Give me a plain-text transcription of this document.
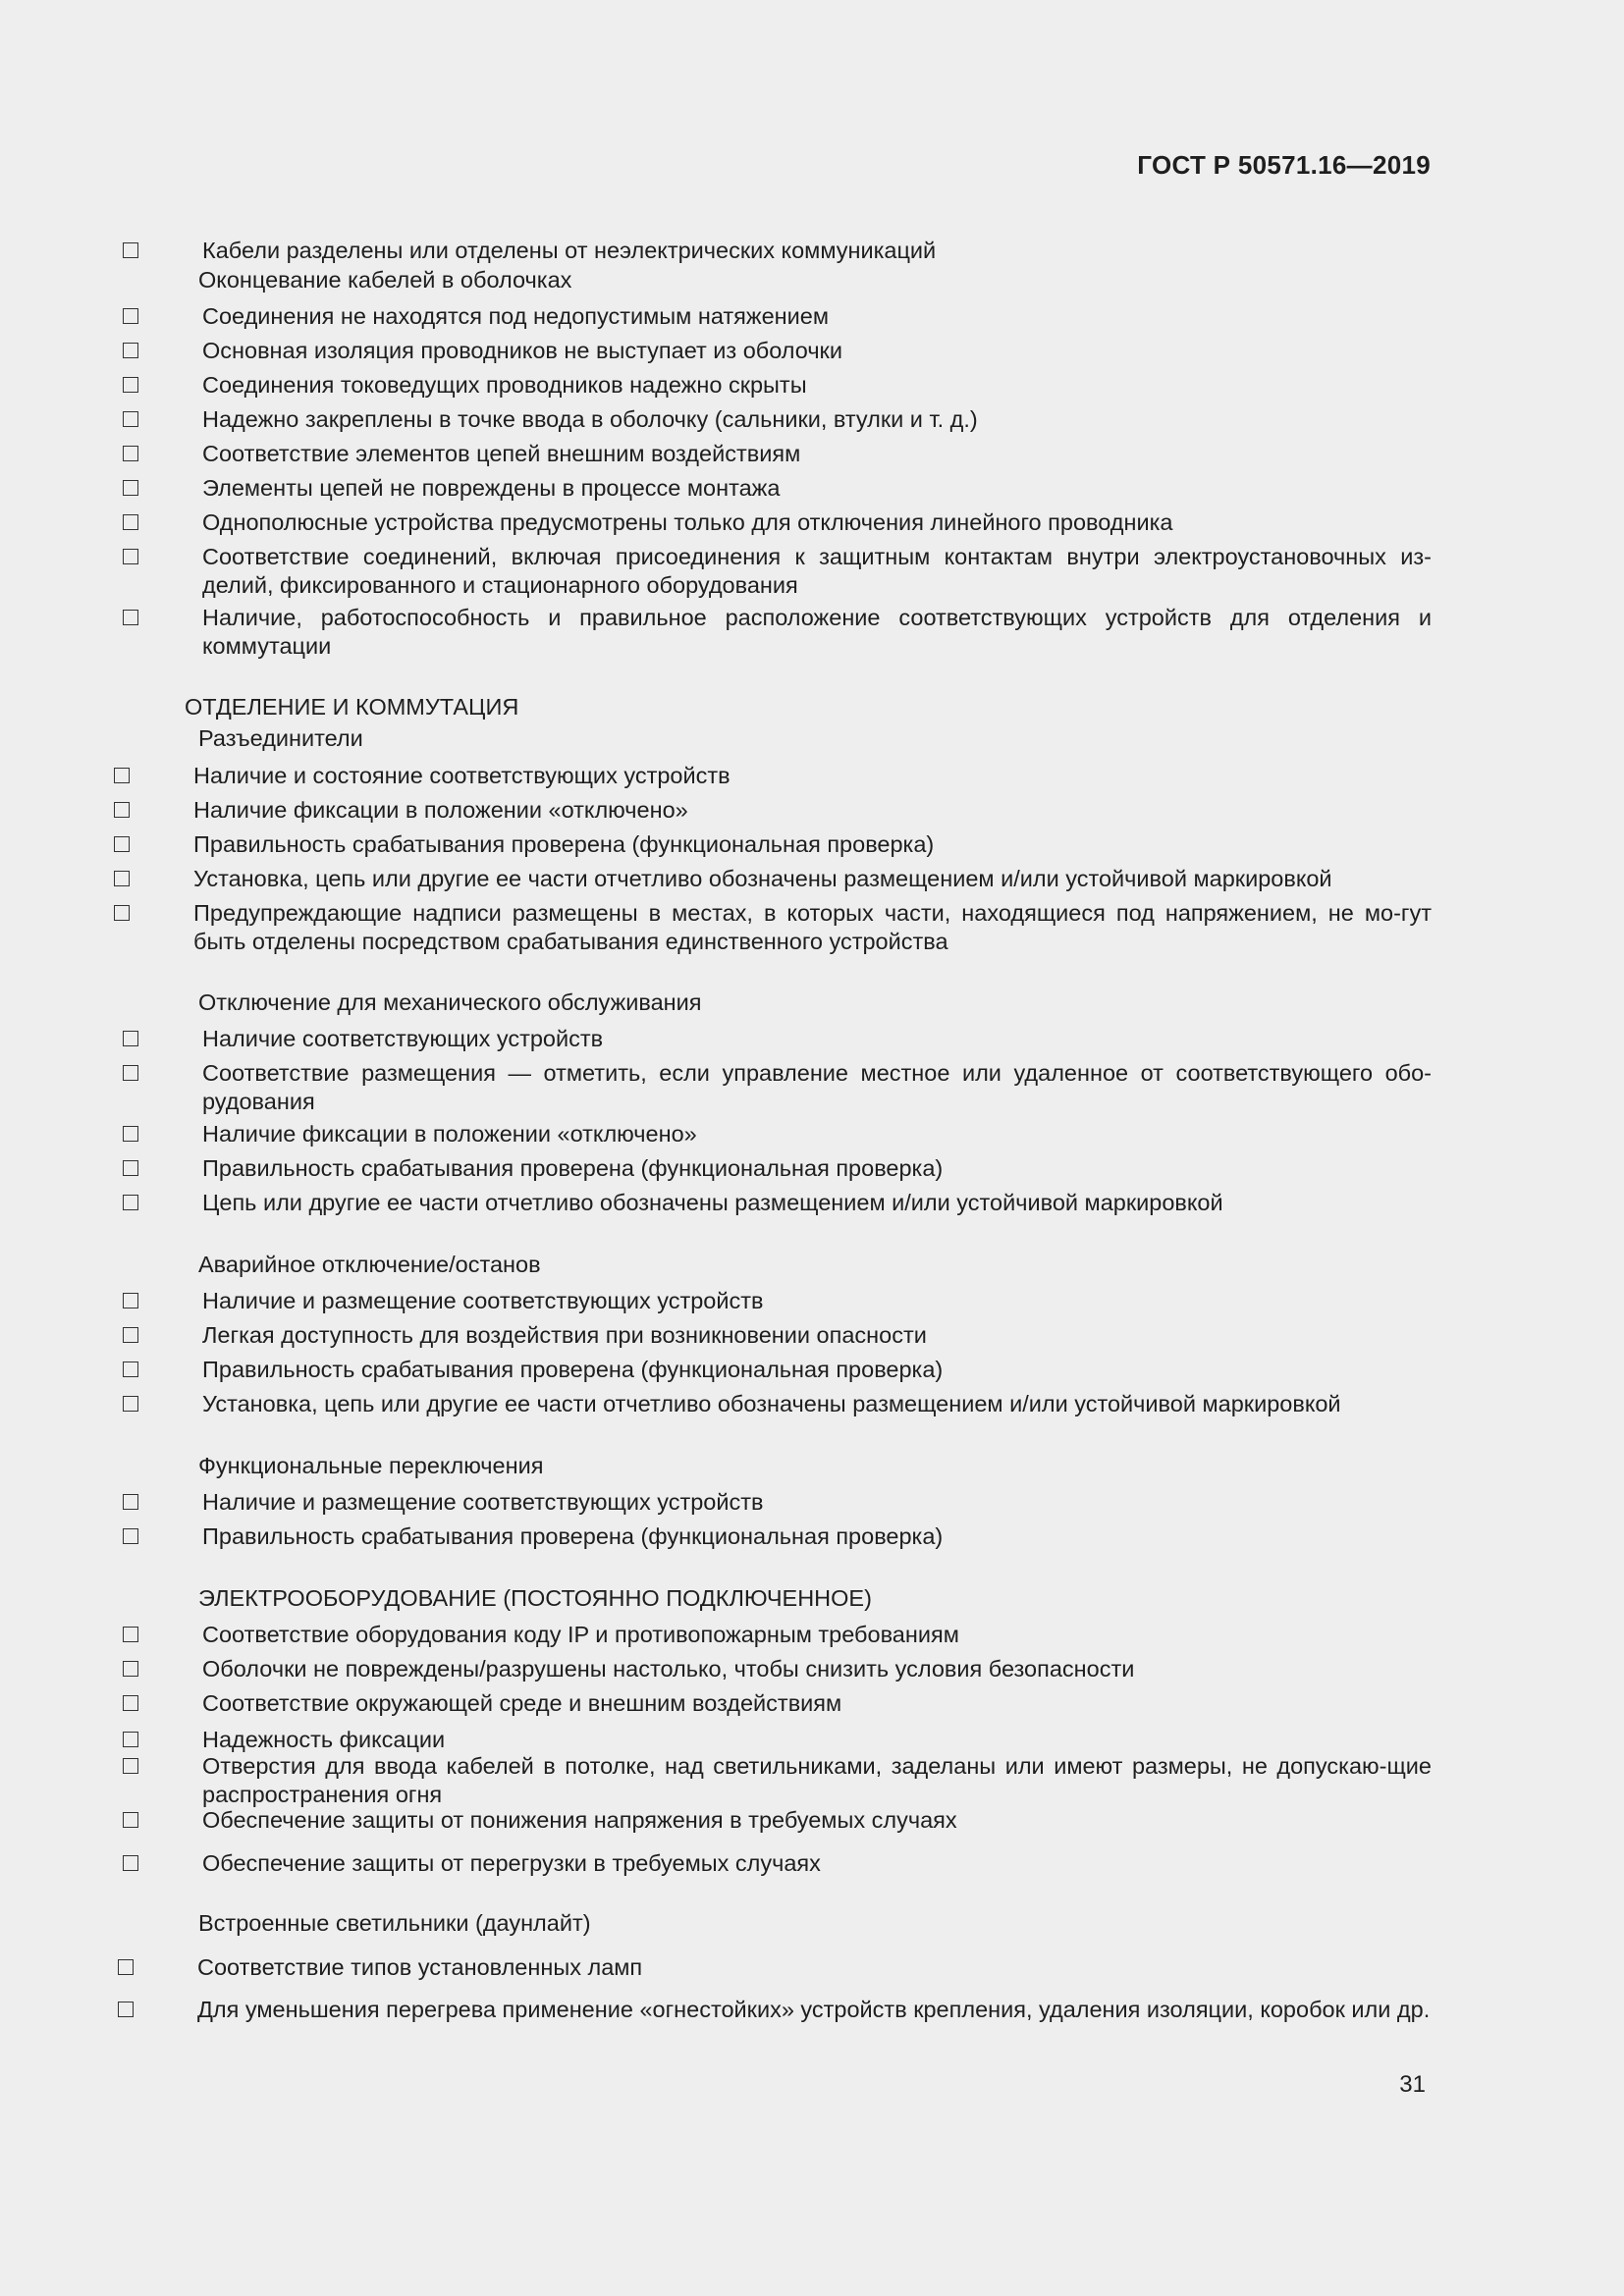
ГОСТ Р 50571.16—2019
Кабели разделены или отделены от неэлектрических коммуникаций
Оконцевание кабелей в оболочках
Соединения не находятся под недопустимым натяжением
Основная изоляция проводников не выступает из оболочки
Соединения токоведущих проводников надежно скрыты
Надежно закреплены в точке ввода в оболочку (сальники, втулки и т. д.)
Соответствие элементов цепей внешним воздействиям
Элементы цепей не повреждены в процессе монтажа
Однополюсные устройства предусмотрены только для отключения линейного проводника
Соответствие соединений, включая присоединения к защитным контактам внутри электроустановочных из-делий, фиксированного и стационарного оборудования
Наличие, работоспособность и правильное расположение соответствующих устройств для отделения и коммутации
ОТДЕЛЕНИЕ И КОММУТАЦИЯ
Разъединители
Наличие и состояние соответствующих устройств
Наличие фиксации в положении «отключено»
Правильность срабатывания проверена (функциональная проверка)
Установка, цепь или другие ее части отчетливо обозначены размещением и/или устойчивой маркировкой
Предупреждающие надписи размещены в местах, в которых части, находящиеся под напряжением, не мо-гут быть отделены посредством срабатывания единственного устройства
Отключение для механического обслуживания
Наличие соответствующих устройств
Соответствие размещения — отметить, если управление местное или удаленное от соответствующего обо-рудования
Наличие фиксации в положении «отключено»
Правильность срабатывания проверена (функциональная проверка)
Цепь или другие ее части отчетливо обозначены размещением и/или устойчивой маркировкой
Аварийное отключение/останов
Наличие и размещение соответствующих устройств
Легкая доступность для воздействия при возникновении опасности
Правильность срабатывания проверена (функциональная проверка)
Установка, цепь или другие ее части отчетливо обозначены размещением и/или устойчивой маркировкой
Функциональные переключения
Наличие и размещение соответствующих устройств
Правильность срабатывания проверена (функциональная проверка)
ЭЛЕКТРООБОРУДОВАНИЕ (ПОСТОЯННО ПОДКЛЮЧЕННОЕ)
Соответствие оборудования коду IP и противопожарным требованиям
Оболочки не повреждены/разрушены настолько, чтобы снизить условия безопасности
Соответствие окружающей среде и внешним воздействиям
Надежность фиксации
Отверстия для ввода кабелей в потолке, над светильниками, заделаны или имеют размеры, не допускаю-щие распространения огня
Обеспечение защиты от понижения напряжения в требуемых случаях
Обеспечение защиты от перегрузки в требуемых случаях
Встроенные светильники (даунлайт)
Соответствие типов установленных ламп
Для уменьшения перегрева применение «огнестойких» устройств крепления, удаления изоляции, коробок или др.
31
